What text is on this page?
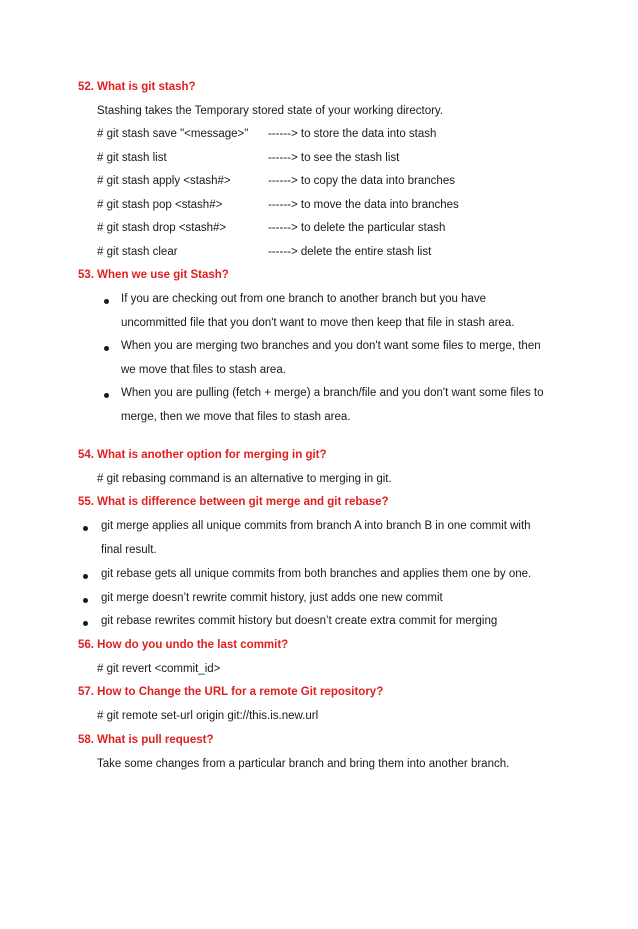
52. What is git stash?

Stashing takes the Temporary stored state of your working directory.

# git stash save "<message>" ------> to store the data into stash
# git stash list	------> to see the stash list
# git stash apply <stash#>	------> to copy the data into branches
# git stash pop <stash#>	------> to move the data into branches
# git stash drop <stash#>	------> to delete the particular stash
# git stash clear	------> delete the entire stash list

53. When we use git Stash?

If you are checking out from one branch to another branch but you have

uncommitted file that you don't want to move then keep that file in stash area.

When you are merging two branches and you don't want some files to merge, then

we move that files to stash area.

When you are pulling (fetch + merge) a branch/file and you don't want some files to

merge, then we move that files to stash area.

54. What is another option for merging in git?

# git rebasing command is an alternative to merging in git.

55. What is difference between git merge and git rebase?

git merge applies all unique commits from branch A into branch B in one commit with

final result.

git rebase gets all unique commits from both branches and applies them one by one.

git merge doesn’t rewrite commit history, just adds one new commit

git rebase rewrites commit history but doesn’t create extra commit for merging

56. How do you undo the last commit?

# git revert <commit_id>

57. How to Change the URL for a remote Git repository?

# git remote set-url origin git://this.is.new.url

58. What is pull request?

Take some changes from a particular branch and bring them into another branch.
